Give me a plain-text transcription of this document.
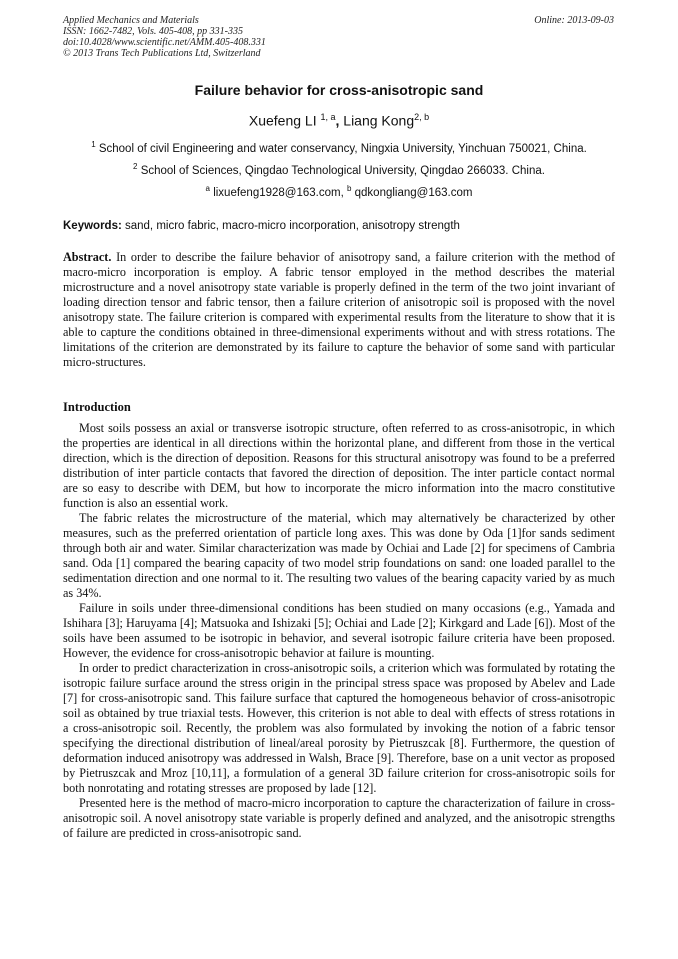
Applied Mechanics and Materials
ISSN: 1662-7482, Vols. 405-408, pp 331-335
doi:10.4028/www.scientific.net/AMM.405-408.331
© 2013 Trans Tech Publications Ltd, Switzerland
Online: 2013-09-03
Failure behavior for cross-anisotropic sand
Xuefeng LI $^{1, a}$, Liang Kong$^{2, b}$
$^1$ School of civil Engineering and water conservancy, Ningxia University, Yinchuan 750021, China.
$^2$ School of Sciences, Qingdao Technological University, Qingdao 266033. China.
$^a$ lixuefeng1928@163.com, $^b$ qdkongliang@163.com
Keywords: sand, micro fabric, macro-micro incorporation, anisotropy strength
Abstract. In order to describe the failure behavior of anisotropy sand, a failure criterion with the method of macro-micro incorporation is employ. A fabric tensor employed in the method describes the material microstructure and a novel anisotropy state variable is properly defined in the term of the two joint invariant of loading direction tensor and fabric tensor, then a failure criterion of anisotropic soil is proposed with the novel anisotropy state. The failure criterion is compared with experimental results from the literature to show that it is able to capture the conditions obtained in three-dimensional experiments without and with stress rotations. The limitations of the criterion are demonstrated by its failure to capture the behavior of some sand with particular micro-structures.
Introduction

Most soils possess an axial or transverse isotropic structure, often referred to as cross-anisotropic, in which the properties are identical in all directions within the horizontal plane, and different from those in the vertical direction, which is the direction of deposition. Reasons for this structural anisotropy was found to be a preferred distribution of inter particle contacts that favored the direction of deposition. The inter particle contact normal are so easy to describe with DEM, but how to incorporate the micro information into the macro constitutive function is also an essential work.

The fabric relates the microstructure of the material, which may alternatively be characterized by other measures, such as the preferred orientation of particle long axes. This was done by Oda [1]for sands sediment through both air and water. Similar characterization was made by Ochiai and Lade [2] for specimens of Cambria sand. Oda [1] compared the bearing capacity of two model strip foundations on sand: one loaded parallel to the sedimentation direction and one normal to it. The resulting two values of the bearing capacity varied by as much as 34%.

Failure in soils under three-dimensional conditions has been studied on many occasions (e.g., Yamada and Ishihara [3]; Haruyama [4]; Matsuoka and Ishizaki [5]; Ochiai and Lade [2]; Kirkgard and Lade [6]). Most of the soils have been assumed to be isotropic in behavior, and several isotropic failure criteria have been proposed. However, the evidence for cross-anisotropic behavior at failure is mounting.

In order to predict characterization in cross-anisotropic soils, a criterion which was formulated by rotating the isotropic failure surface around the stress origin in the principal stress space was proposed by Abelev and Lade [7] for cross-anisotropic sand. This failure surface that captured the homogeneous behavior of cross-anisotropic soil as obtained by true triaxial tests. However, this criterion is not able to deal with effects of stress rotations in a cross-anisotropic soil. Recently, the problem was also formulated by invoking the notion of a fabric tensor specifying the directional distribution of lineal/areal porosity by Pietruszcak [8]. Furthermore, the question of deformation induced anisotropy was addressed in Walsh, Brace [9]. Therefore, base on a unit vector as proposed by Pietruszcak and Mroz [10,11], a formulation of a general 3D failure criterion for cross-anisotropic soils for both nonrotating and rotating stresses are proposed by lade [12].

Presented here is the method of macro-micro incorporation to capture the characterization of failure in cross-anisotropic soil. A novel anisotropy state variable is properly defined and analyzed, and the anisotropic strengths of failure are predicted in cross-anisotropic sand.
